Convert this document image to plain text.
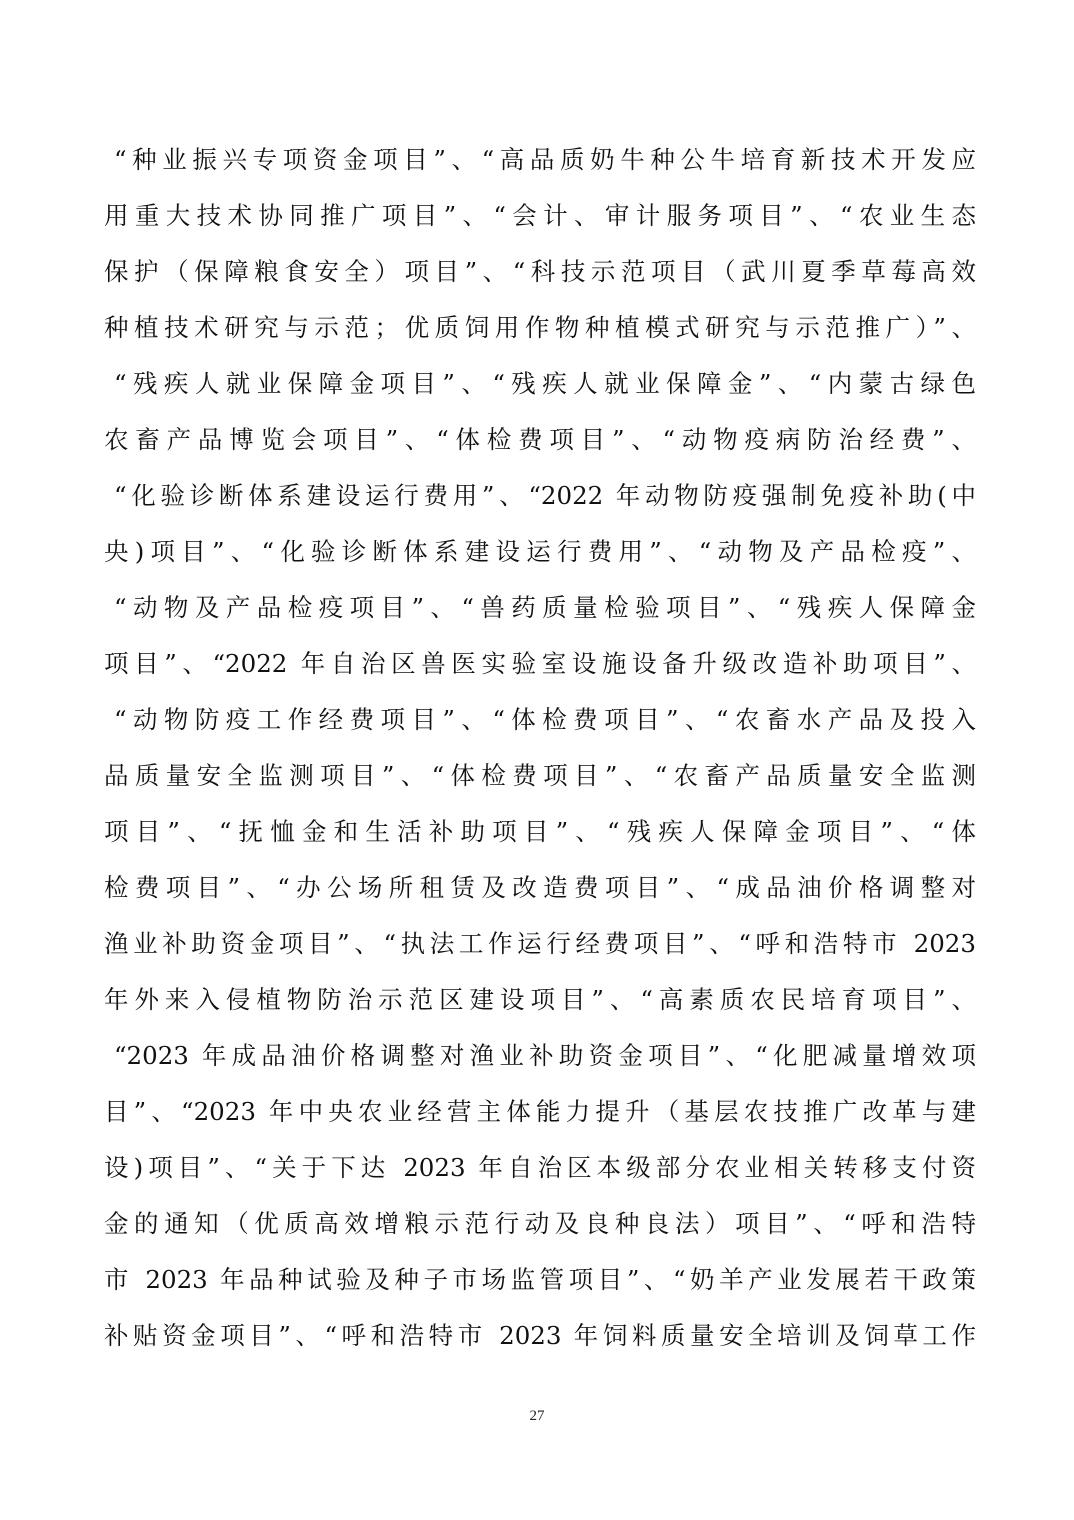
“种业振兴专项资金项目”、“高品质奶牛种公牛培育新技术开发应
用重大技术协同推广项目”、“会计、审计服务项目”、“农业生态
保护（保障粮食安全）项目”、“科技示范项目（武川夏季草莓高效
种植技术研究与示范；优质饲用作物种植模式研究与示范推广）”、
“残疾人就业保障金项目”、“残疾人就业保障金”、“内蒙古绿色
农畜产品博览会项目”、“体检费项目”、“动物疫病防治经费”、
“化验诊断体系建设运行费用”、“2022 年动物防疫强制免疫补助(中
央)项目”、“化验诊断体系建设运行费用”、“动物及产品检疫”、
“动物及产品检疫项目”、“兽药质量检验项目”、“残疾人保障金
项目”、“2022 年自治区兽医实验室设施设备升级改造补助项目”、
“动物防疫工作经费项目”、“体检费项目”、“农畜水产品及投入
品质量安全监测项目”、“体检费项目”、“农畜产品质量安全监测
项目”、“抚恤金和生活补助项目”、“残疾人保障金项目”、“体
检费项目”、“办公场所租赁及改造费项目”、“成品油价格调整对
渔业补助资金项目”、“执法工作运行经费项目”、“呼和浩特市 2023
年外来入侵植物防治示范区建设项目”、“高素质农民培育项目”、
“2023 年成品油价格调整对渔业补助资金项目”、“化肥减量增效项
目”、“2023 年中央农业经营主体能力提升（基层农技推广改革与建
设)项目”、“关于下达 2023 年自治区本级部分农业相关转移支付资
金的通知（优质高效增粮示范行动及良种良法）项目”、“呼和浩特
市 2023 年品种试验及种子市场监管项目”、“奶羊产业发展若干政策
补贴资金项目”、“呼和浩特市 2023 年饲料质量安全培训及饲草工作
27
